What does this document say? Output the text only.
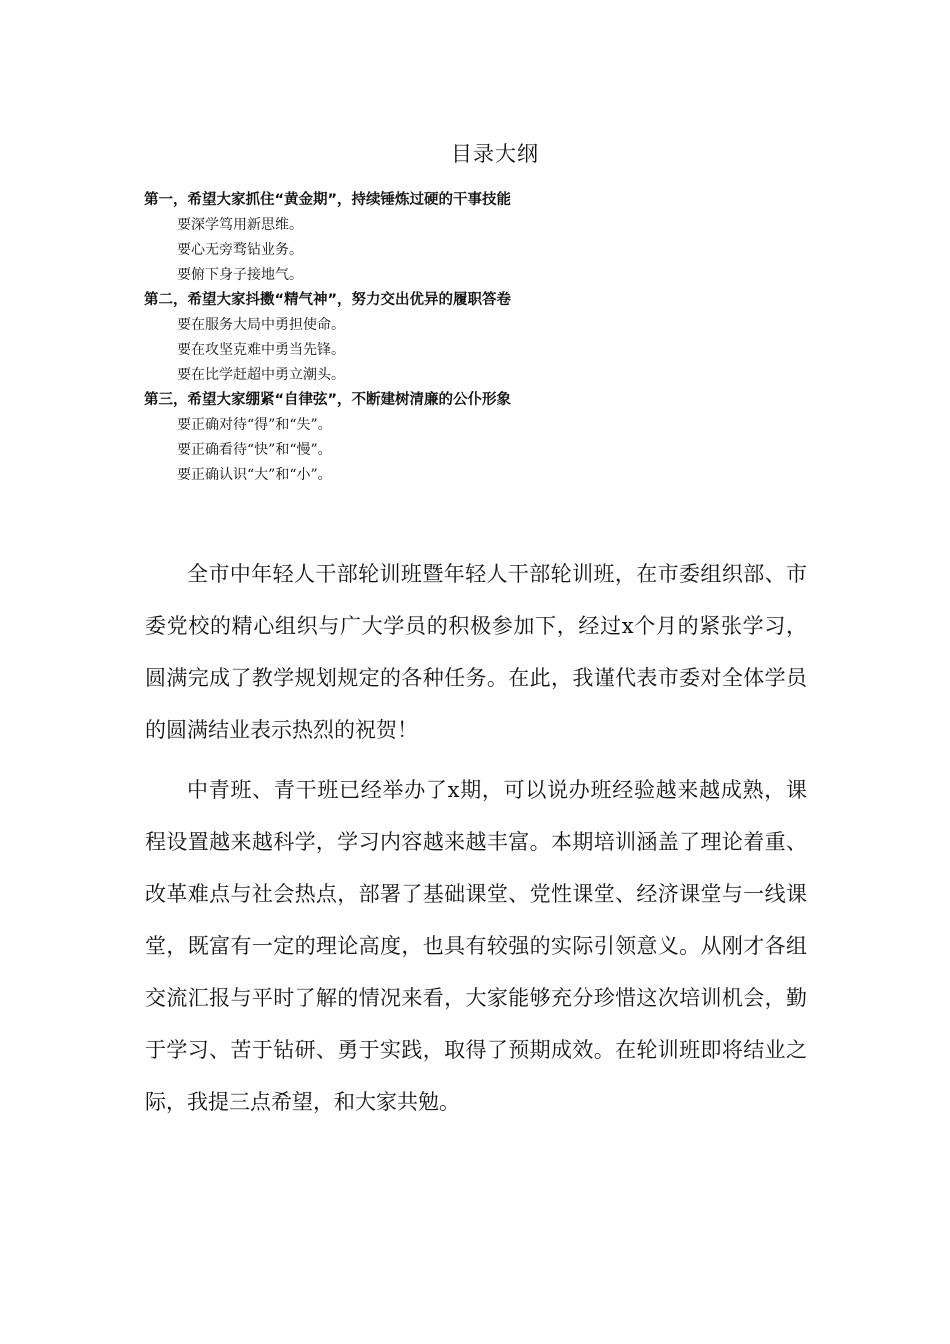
目录大纲
第一，希望大家抓住“黄金期”，持续锤炼过硬的干事技能
要深学笃用新思维。
要心无旁骛钻业务。
要俯下身子接地气。
第二，希望大家抖擞“精气神”，努力交出优异的履职答卷
要在服务大局中勇担使命。
要在攻坚克难中勇当先锋。
要在比学赶超中勇立潮头。
第三，希望大家绷紧“自律弦”，不断建树清廉的公仆形象
要正确对待“得”和“失”。
要正确看待“快”和“慢”。
要正确认识“大”和“小”。

全市中年轻人干部轮训班暨年轻人干部轮训班，在市委组织部、市委党校的精心组织与广大学员的积极参加下，经过x个月的紧张学习，圆满完成了教学规划规定的各种任务。在此，我谨代表市委对全体学员的圆满结业表示热烈的祝贺！

中青班、青干班已经举办了x期，可以说办班经验越来越成熟，课程设置越来越科学，学习内容越来越丰富。本期培训涵盖了理论着重、改革难点与社会热点，部署了基础课堂、党性课堂、经济课堂与一线课堂，既富有一定的理论高度，也具有较强的实际引领意义。从刚才各组交流汇报与平时了解的情况来看，大家能够充分珍惜这次培训机会，勤于学习、苦于钻研、勇于实践，取得了预期成效。在轮训班即将结业之际，我提三点希望，和大家共勉。
